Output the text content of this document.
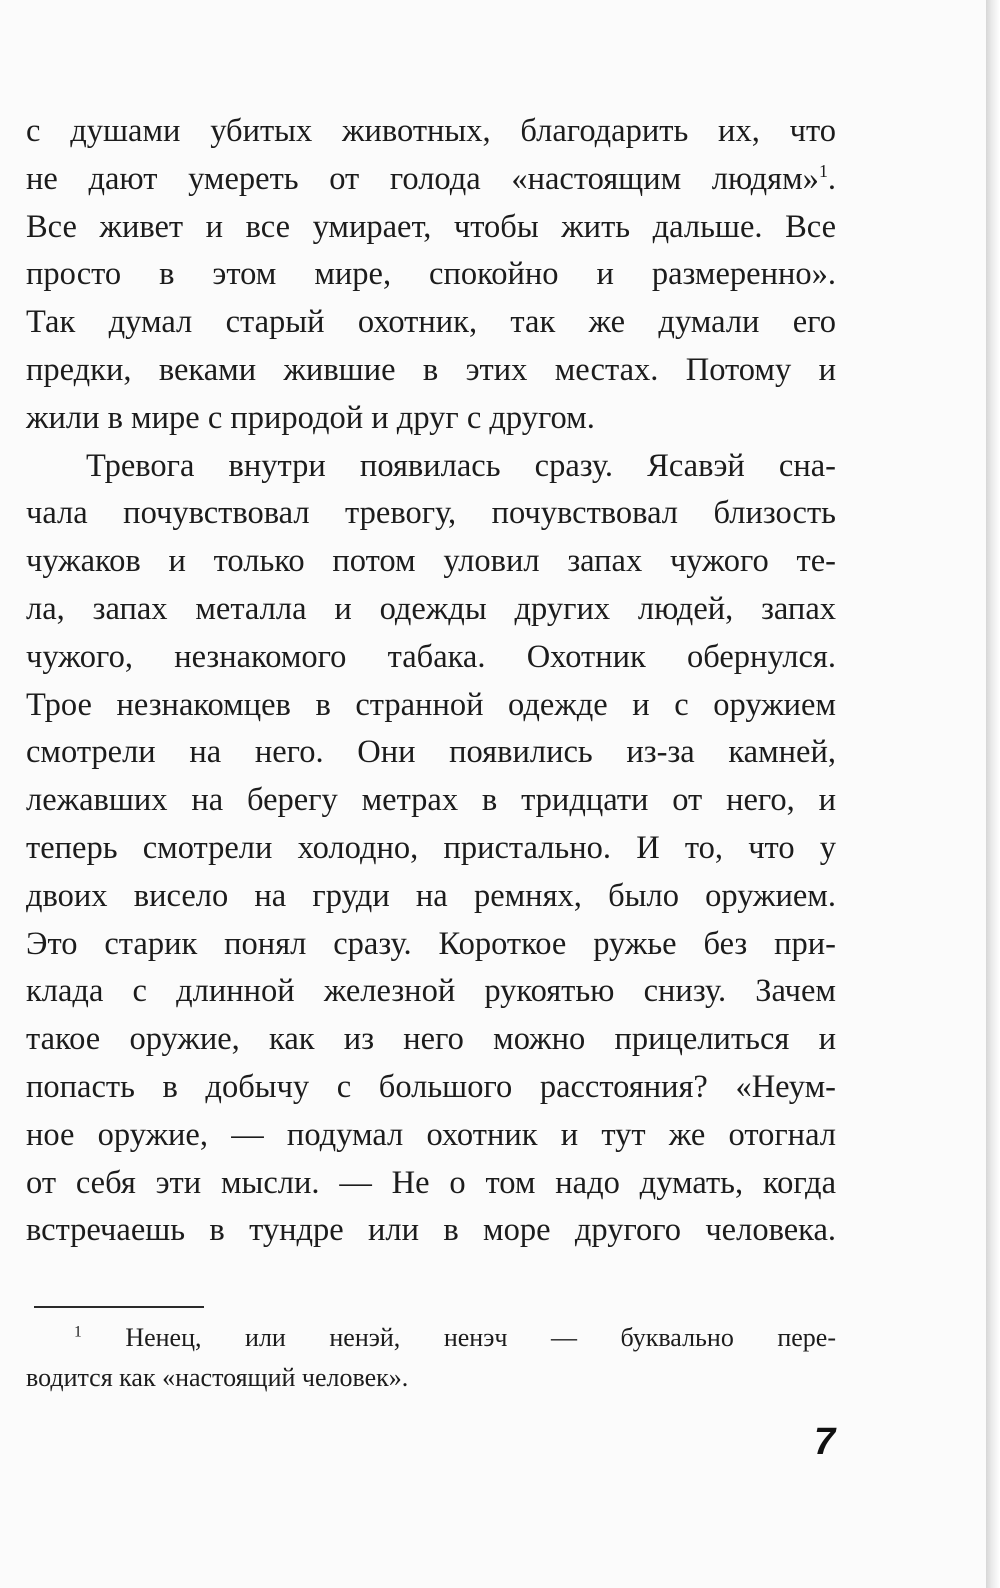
с душами убитых животных, благодарить их, что
не дают умереть от голода «настоящим людям»$^1$.
Все живет и все умирает, чтобы жить дальше. Все
просто в этом мире, спокойно и размеренно».
Так думал старый охотник, так же думали его
предки, веками жившие в этих местах. Потому и
жили в мире с природой и друг с другом.
Тревога внутри появилась сразу. Ясавэй сна-
чала почувствовал тревогу, почувствовал близость
чужаков и только потом уловил запах чужого те-
ла, запах металла и одежды других людей, запах
чужого, незнакомого табака. Охотник обернулся.
Трое незнакомцев в странной одежде и с оружием
смотрели на него. Они появились из-за камней,
лежавших на берегу метрах в тридцати от него, и
теперь смотрели холодно, пристально. И то, что у
двоих висело на груди на ремнях, было оружием.
Это старик понял сразу. Короткое ружье без при-
клада с длинной железной рукоятью снизу. Зачем
такое оружие, как из него можно прицелиться и
попасть в добычу с большого расстояния? «Неум-
ное оружие, — подумал охотник и тут же отогнал
от себя эти мысли. — Не о том надо думать, когда
встречаешь в тундре или в море другого человека.
$^1$ Ненец, или ненэй, ненэч — буквально пере-
водится как «настоящий человек».
7
